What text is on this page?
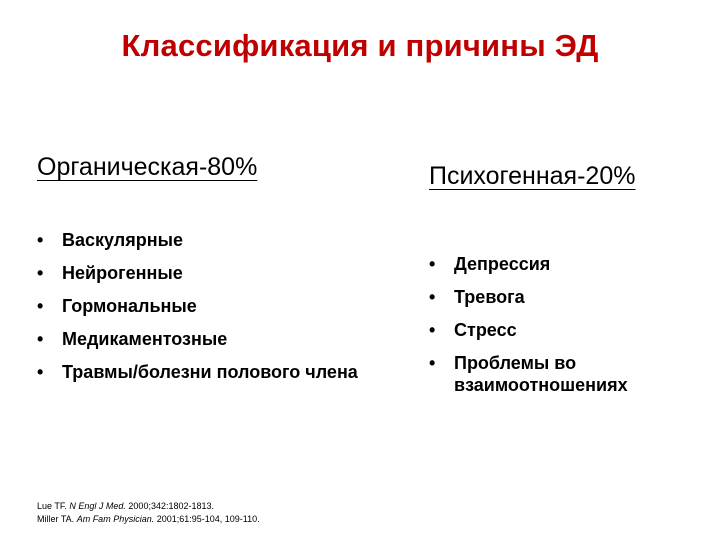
Классификация и причины ЭД
Органическая-80%
• Васкулярные
• Нейрогенные
• Гормональные
• Медикаментозные
• Травмы/болезни полового члена
Психогенная-20%
• Депрессия
• Тревога
• Стресс
• Проблемы во взаимоотношениях
Lue TF. N Engl J Med. 2000;342:1802-1813.
Miller TA. Am Fam Physician. 2001;61:95-104, 109-110.
